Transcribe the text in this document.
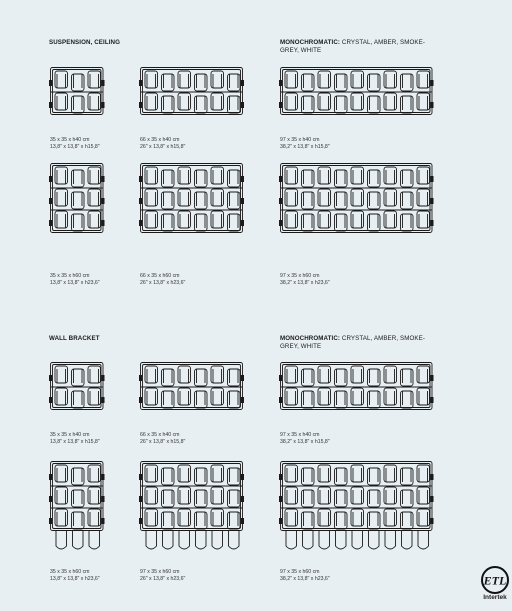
SUSPENSION, CEILING	MONOCHROMATIC: CRYSTAL, AMBER, SMOKE-GREY, WHITE
WALL BRACKET	MONOCHROMATIC: CRYSTAL, AMBER, SMOKE-GREY, WHITE
35 x 35 x h40 cm
13,8" x 13,8" x h15,8"
66 x 35 x h40 cm
26" x 13,8" x h15,8"
97 x 35 x h40 cm
38,2" x 13,8" x h15,8"
35 x 35 x h60 cm
13,8" x 13,8" x h23,6"
66 x 35 x h60 cm
26" x 13,8" x h23,6"
97 x 35 x h60 cm
38,2" x 13,8" x h23,6"
35 x 35 x h40 cm
13,8" x 13,8" x h15,8"
66 x 35 x h40 cm
26" x 13,8" x h15,8"
97 x 35 x h40 cm
38,2" x 13,8" x h15,8"
35 x 35 x h60 cm
13,8" x 13,8" x h23,6"
97 x 35 x h60 cm
26" x 13,8" x h23,6"
97 x 35 x h60 cm
38,2" x 13,8" x h23,6"	ETL
Intertek
